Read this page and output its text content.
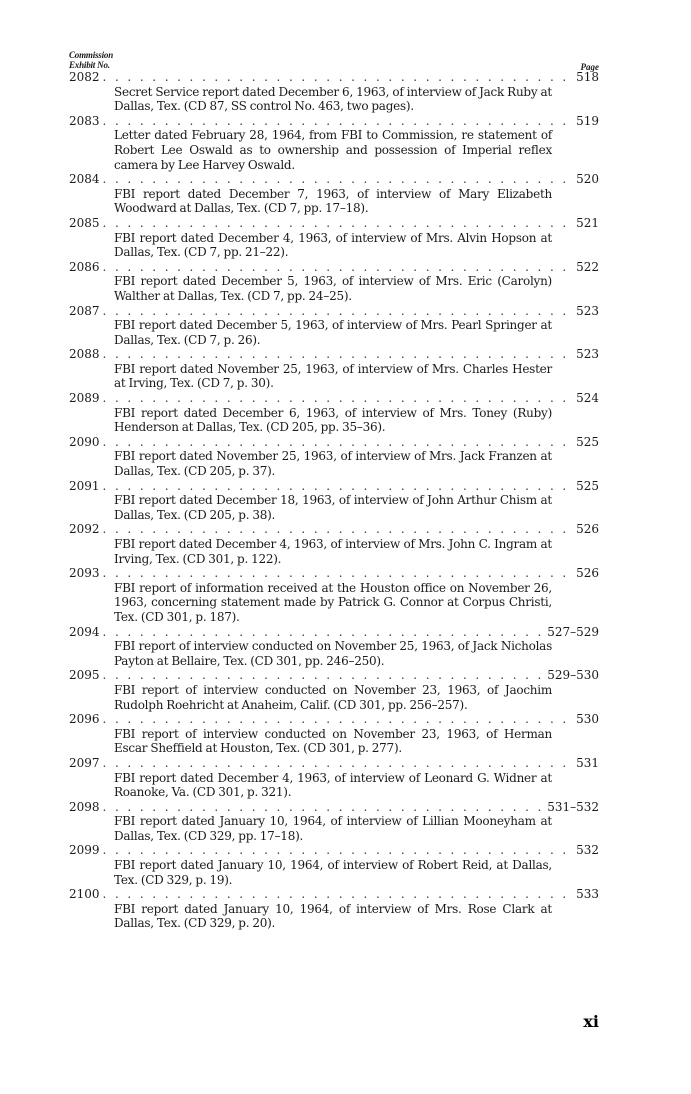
Commission
Exhibit No.	Page
2082 . . .	518
Secret Service report dated December 6, 1963, of interview of Jack Ruby at Dallas, Tex. (CD 87, SS control No. 463, two pages).
2083 . . .	519
Letter dated February 28, 1964, from FBI to Commission, re statement of Robert Lee Oswald as to ownership and possession of Imperial reflex camera by Lee Harvey Oswald.
2084 . . .	520
FBI report dated December 7, 1963, of interview of Mary Elizabeth Woodward at Dallas, Tex. (CD 7, pp. 17–18).
2085 . . .	521
FBI report dated December 4, 1963, of interview of Mrs. Alvin Hopson at Dallas, Tex. (CD 7, pp. 21–22).
2086 . . .	522
FBI report dated December 5, 1963, of interview of Mrs. Eric (Carolyn) Walther at Dallas, Tex. (CD 7, pp. 24–25).
2087 . . .	523
FBI report dated December 5, 1963, of interview of Mrs. Pearl Springer at Dallas, Tex. (CD 7, p. 26).
2088 . . .	523
FBI report dated November 25, 1963, of interview of Mrs. Charles Hester at Irving, Tex. (CD 7, p. 30).
2089 . . .	524
FBI report dated December 6, 1963, of interview of Mrs. Toney (Ruby) Henderson at Dallas, Tex. (CD 205, pp. 35–36).
2090 . . .	525
FBI report dated November 25, 1963, of interview of Mrs. Jack Franzen at Dallas, Tex. (CD 205, p. 37).
2091 . . .	525
FBI report dated December 18, 1963, of interview of John Arthur Chism at Dallas, Tex. (CD 205, p. 38).
2092 . . .	526
FBI report dated December 4, 1963, of interview of Mrs. John C. Ingram at Irving, Tex. (CD 301, p. 122).
2093 . . .	526
FBI report of information received at the Houston office on November 26, 1963, concerning statement made by Patrick G. Connor at Corpus Christi, Tex. (CD 301, p. 187).
2094 . . .	527–529
FBI report of interview conducted on November 25, 1963, of Jack Nicholas Payton at Bellaire, Tex. (CD 301, pp. 246–250).
2095 . . .	529–530
FBI report of interview conducted on November 23, 1963, of Jaochim Rudolph Roehricht at Anaheim, Calif. (CD 301, pp. 256–257).
2096 . . .	530
FBI report of interview conducted on November 23, 1963, of Herman Escar Sheffield at Houston, Tex. (CD 301, p. 277).
2097 . . .	531
FBI report dated December 4, 1963, of interview of Leonard G. Widner at Roanoke, Va. (CD 301, p. 321).
2098 . . .	531–532
FBI report dated January 10, 1964, of interview of Lillian Mooneyham at Dallas, Tex. (CD 329, pp. 17–18).
2099 . . .	532
FBI report dated January 10, 1964, of interview of Robert Reid, at Dallas, Tex. (CD 329, p. 19).
2100 . . .	533
FBI report dated January 10, 1964, of interview of Mrs. Rose Clark at Dallas, Tex. (CD 329, p. 20).
xi
